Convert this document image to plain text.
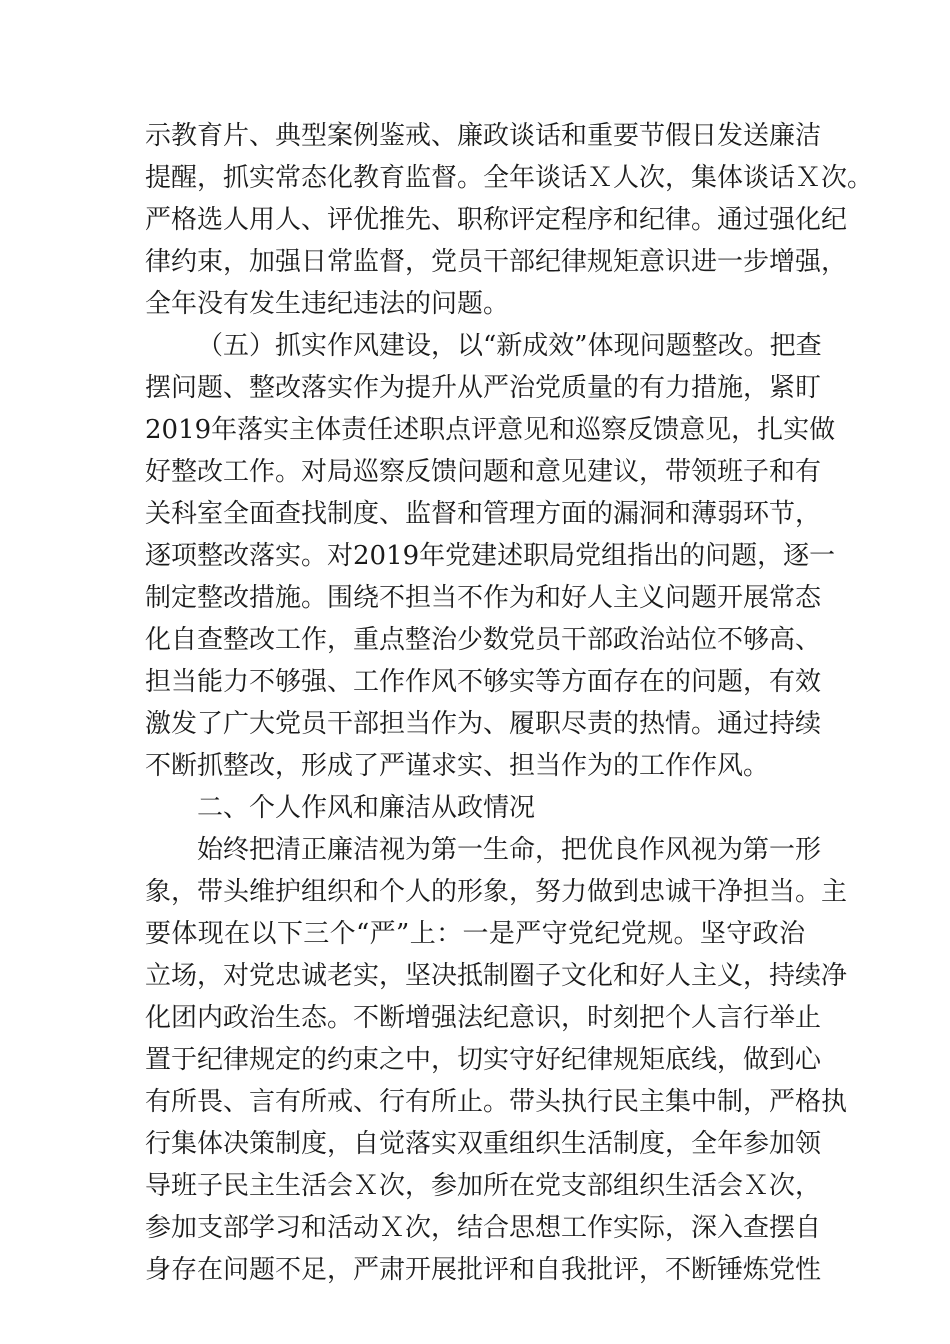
示教育片、典型案例鉴戒、廉政谈话和重要节假日发送廉洁
提醒，抓实常态化教育监督。全年谈话Ｘ人次，集体谈话Ｘ次。
严格选人用人、评优推先、职称评定程序和纪律。通过强化纪
律约束，加强日常监督，党员干部纪律规矩意识进一步增强，
全年没有发生违纪违法的问题。
（五）抓实作风建设，以“新成效”体现问题整改。把查
摆问题、整改落实作为提升从严治党质量的有力措施，紧盯
2019年落实主体责任述职点评意见和巡察反馈意见，扎实做
好整改工作。对局巡察反馈问题和意见建议，带领班子和有
关科室全面查找制度、监督和管理方面的漏洞和薄弱环节，
逐项整改落实。对2019年党建述职局党组指出的问题，逐一
制定整改措施。围绕不担当不作为和好人主义问题开展常态
化自查整改工作，重点整治少数党员干部政治站位不够高、
担当能力不够强、工作作风不够实等方面存在的问题，有效
激发了广大党员干部担当作为、履职尽责的热情。通过持续
不断抓整改，形成了严谨求实、担当作为的工作作风。
二、个人作风和廉洁从政情况
始终把清正廉洁视为第一生命，把优良作风视为第一形
象，带头维护组织和个人的形象，努力做到忠诚干净担当。主
要体现在以下三个“严”上：一是严守党纪党规。坚守政治
立场，对党忠诚老实，坚决抵制圈子文化和好人主义，持续净
化团内政治生态。不断增强法纪意识，时刻把个人言行举止
置于纪律规定的约束之中，切实守好纪律规矩底线，做到心
有所畏、言有所戒、行有所止。带头执行民主集中制，严格执
行集体决策制度，自觉落实双重组织生活制度，全年参加领
导班子民主生活会Ｘ次，参加所在党支部组织生活会Ｘ次，
参加支部学习和活动Ｘ次，结合思想工作实际，深入查摆自
身存在问题不足，严肃开展批评和自我批评，不断锤炼党性
